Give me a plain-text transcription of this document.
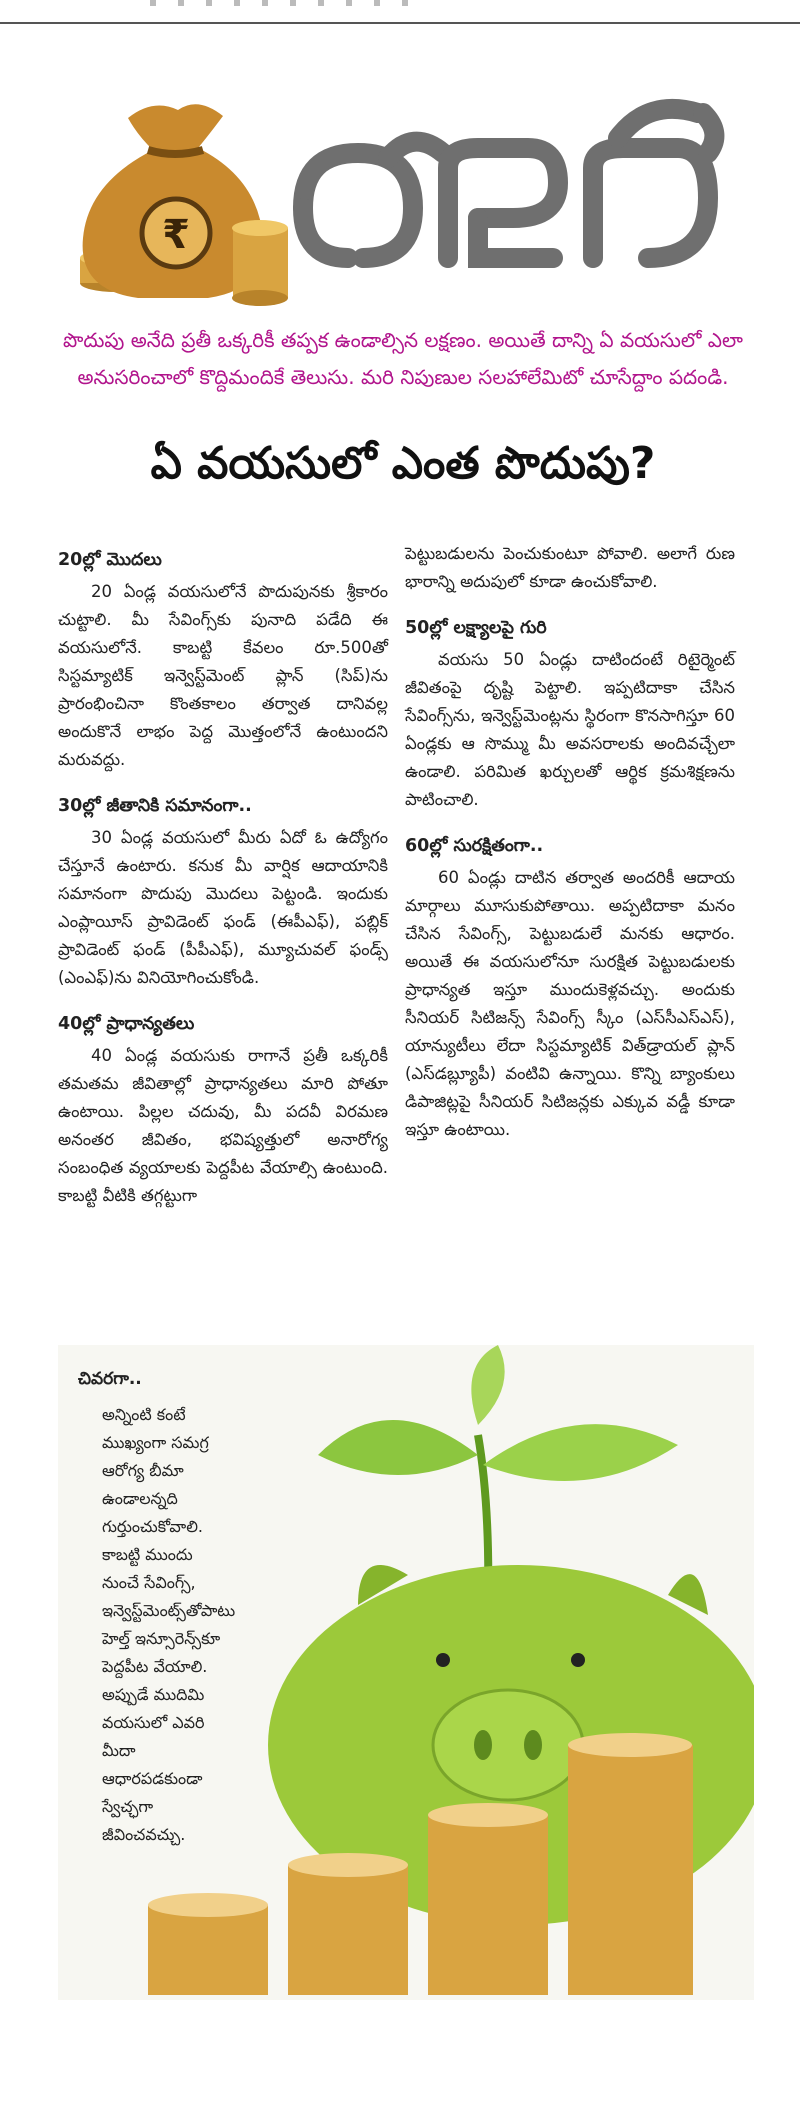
₹
పొదుపు అనేది ప్రతీ ఒక్కరికీ తప్పక ఉండాల్సిన లక్షణం. అయితే దాన్ని ఏ వయసులో ఎలా అనుసరించాలో కొద్దిమందికే తెలుసు. మరి నిపుణుల సలహాలేమిటో చూసేద్దాం పదండి.
ఏ వయసులో ఎంత పొదుపు?
20ల్లో మొదలు

20 ఏండ్ల వయసులోనే పొదుపునకు శ్రీకారం చుట్టాలి. మీ సేవింగ్స్‌కు పునాది పడేది ఈ వయసులోనే. కాబట్టి కేవలం రూ.500తో సిస్టమ్యాటిక్ ఇన్వెస్ట్‌మెంట్ ప్లాన్ (సిప్)ను ప్రారంభించినా కొంతకాలం తర్వాత దానివల్ల అందుకొనే లాభం పెద్ద మొత్తంలోనే ఉంటుందని మరువద్దు.

30ల్లో జీతానికి సమానంగా..

30 ఏండ్ల వయసులో మీరు ఏదో ఓ ఉద్యోగం చేస్తూనే ఉంటారు. కనుక మీ వార్షిక ఆదాయానికి సమానంగా పొదుపు మొదలు పెట్టండి. ఇందుకు ఎంప్లాయీస్ ప్రావిడెంట్ ఫండ్ (ఈపీఎఫ్), పబ్లిక్ ప్రావిడెంట్ ఫండ్ (పీపీఎఫ్), మ్యూచువల్ ఫండ్స్ (ఎంఎఫ్)ను వినియోగించుకోండి.

40ల్లో ప్రాధాన్యతలు

40 ఏండ్ల వయసుకు రాగానే ప్రతీ ఒక్కరికీ తమతమ జీవితాల్లో ప్రాధాన్యతలు మారి పోతూ ఉంటాయి. పిల్లల చదువు, మీ పదవీ విరమణ అనంతర జీవితం, భవిష్యత్తులో అనారోగ్య సంబంధిత వ్యయాలకు పెద్దపీట వేయాల్సి ఉంటుంది. కాబట్టి వీటికి తగ్గట్టుగా

పెట్టుబడులను పెంచుకుంటూ పోవాలి. అలాగే రుణ భారాన్ని అదుపులో కూడా ఉంచుకోవాలి.

50ల్లో లక్ష్యాలపై గురి

వయసు 50 ఏండ్లు దాటిందంటే రిటైర్మెంట్ జీవితంపై దృష్టి పెట్టాలి. ఇప్పటిదాకా చేసిన సేవింగ్స్‌ను, ఇన్వెస్ట్‌మెంట్లను స్థిరంగా కొనసాగిస్తూ 60 ఏండ్లకు ఆ సొమ్ము మీ అవసరాలకు అందివచ్చేలా ఉండాలి. పరిమిత ఖర్చులతో ఆర్థిక క్రమశిక్షణను పాటించాలి.

60ల్లో సురక్షితంగా..

60 ఏండ్లు దాటిన తర్వాత అందరికీ ఆదాయ మార్గాలు మూసుకుపోతాయి. అప్పటిదాకా మనం చేసిన సేవింగ్స్, పెట్టుబడులే మనకు ఆధారం. అయితే ఈ వయసులోనూ సురక్షిత పెట్టుబడులకు ప్రాధాన్యత ఇస్తూ ముందుకెళ్లవచ్చు. అందుకు సీనియర్ సిటిజన్స్ సేవింగ్స్ స్కీం (ఎస్‌సీఎస్‌ఎస్), యాన్యుటీలు లేదా సిస్టమ్యాటిక్ విత్‌డ్రాయల్ ప్లాన్ (ఎస్‌డబ్ల్యూపీ) వంటివి ఉన్నాయి. కొన్ని బ్యాంకులు డిపాజిట్లపై సీనియర్ సిటిజన్లకు ఎక్కువ వడ్డీ కూడా ఇస్తూ ఉంటాయి.

చివరగా..
అన్నింటి కంటే ముఖ్యంగా సమగ్ర ఆరోగ్య బీమా ఉండాలన్నది గుర్తుంచుకోవాలి. కాబట్టి ముందు నుంచే సేవింగ్స్, ఇన్వెస్ట్‌మెంట్స్‌తోపాటు హెల్త్ ఇన్సూరెన్స్‌కూ పెద్దపీట వేయాలి. అప్పుడే ముదిమి వయసులో ఎవరి మీదా ఆధారపడకుండా స్వేచ్ఛగా జీవించవచ్చు.
